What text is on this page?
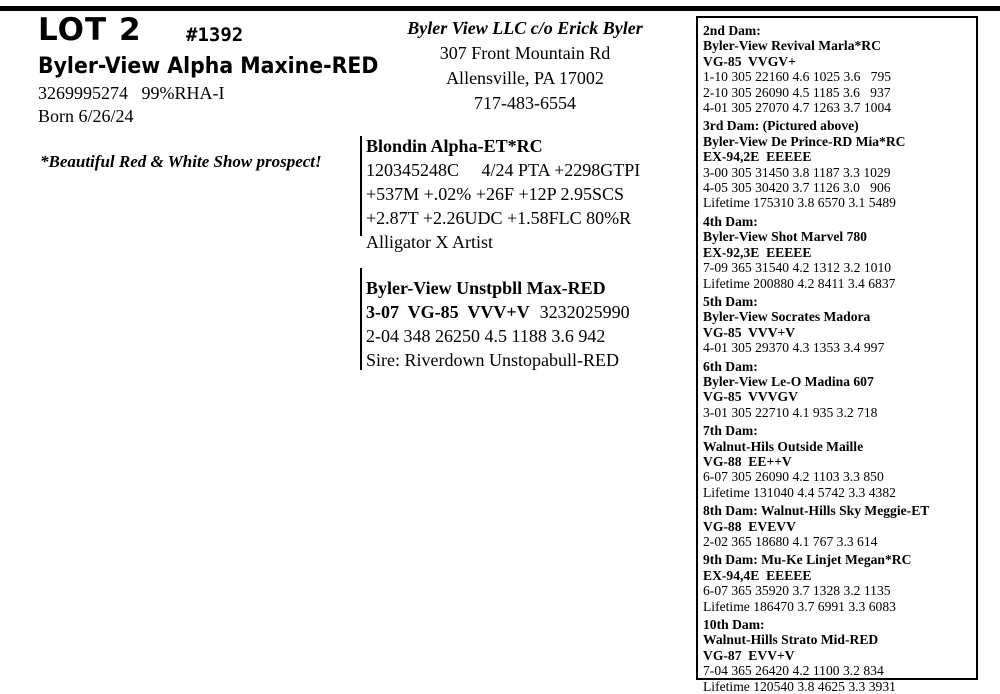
LOT 2 #1392
Byler-View Alpha Maxine-RED
3269995274   99%RHA-I
Born 6/26/24
*Beautiful Red & White Show prospect!
Byler View LLC c/o Erick Byler
307 Front Mountain Rd
Allensville, PA 17002
717-483-6554
Blondin Alpha-ET*RC
120345248C     4/24 PTA +2298GTPI
+537M +.02% +26F +12P 2.95SCS
+2.87T +2.26UDC +1.58FLC 80%R
Alligator X Artist
Byler-View Unstpbll Max-RED
3-07  VG-85  VVV+V 3232025990
2-04 348 26250 4.5 1188 3.6 942
Sire: Riverdown Unstopabull-RED
2nd Dam:
Byler-View Revival Marla*RC
VG-85  VVGV+
1-10 305 22160 4.6 1025 3.6   795
2-10 305 26090 4.5 1185 3.6   937
4-01 305 27070 4.7 1263 3.7 1004
3rd Dam: (Pictured above)
Byler-View De Prince-RD Mia*RC
EX-94,2E  EEEEE
3-00 305 31450 3.8 1187 3.3 1029
4-05 305 30420 3.7 1126 3.0   906
Lifetime 175310 3.8 6570 3.1 5489
4th Dam:
Byler-View Shot Marvel 780
EX-92,3E  EEEEE
7-09 365 31540 4.2 1312 3.2 1010
Lifetime 200880 4.2 8411 3.4 6837
5th Dam:
Byler-View Socrates Madora
VG-85  VVV+V
4-01 305 29370 4.3 1353 3.4 997
6th Dam:
Byler-View Le-O Madina 607
VG-85  VVVGV
3-01 305 22710 4.1 935 3.2 718
7th Dam:
Walnut-Hils Outside Maille
VG-88  EE++V
6-07 305 26090 4.2 1103 3.3 850
Lifetime 131040 4.4 5742 3.3 4382
8th Dam: Walnut-Hills Sky Meggie-ET
VG-88  EVEVV
2-02 365 18680 4.1 767 3.3 614
9th Dam: Mu-Ke Linjet Megan*RC
EX-94,4E  EEEEE
6-07 365 35920 3.7 1328 3.2 1135
Lifetime 186470 3.7 6991 3.3 6083
10th Dam:
Walnut-Hills Strato Mid-RED
VG-87  EVV+V
7-04 365 26420 4.2 1100 3.2 834
Lifetime 120540 3.8 4625 3.3 3931
